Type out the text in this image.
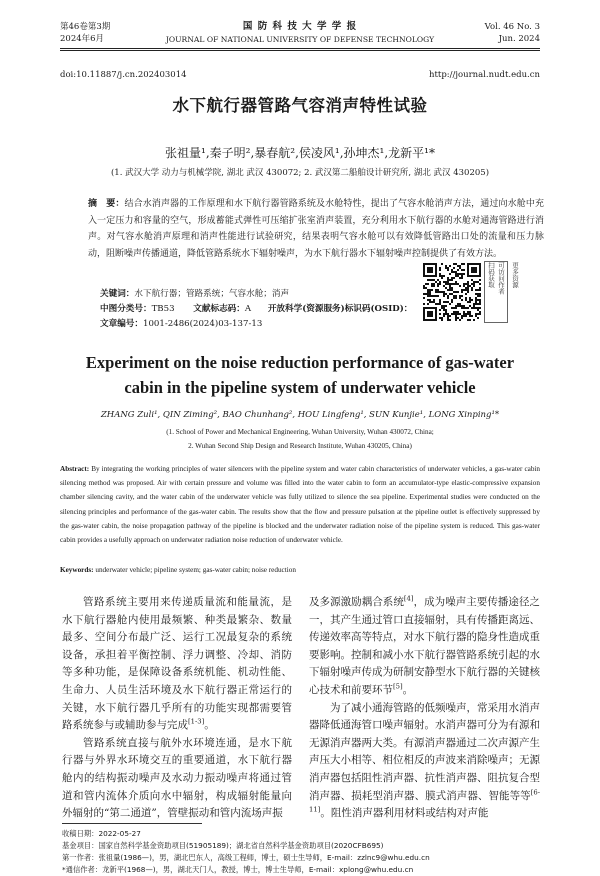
第46卷第3期
2024年6月
国 防 科 技 大 学 学 报
JOURNAL OF NATIONAL UNIVERSITY OF DEFENSE TECHNOLOGY
Vol. 46 No. 3
Jun. 2024
doi:10.11887/j.cn.202403014	http://journal.nudt.edu.cn
水下航行器管路气容消声特性试验
张祖量¹,秦子明²,暴春航²,侯凌风¹,孙坤杰¹,龙新平¹*
(1. 武汉大学 动力与机械学院, 湖北 武汉 430072; 2. 武汉第二船舶设计研究所, 湖北 武汉 430205)
摘　要：结合水消声器的工作原理和水下航行器管路系统及水舱特性，提出了气容水舱消声方法，通过向水舱中充入一定压力和容量的空气，形成蓄能式弹性可压缩扩张室消声装置，充分利用水下航行器的水舱对通海管路进行消声。对气容水舱消声原理和消声性能进行试验研究，结果表明气容水舱可以有效降低管路出口处的流量和压力脉动，阻断噪声传播通道，降低管路系统水下辐射噪声，为水下航行器水下辐射噪声控制提供了有效方法。
关键词：水下航行器；管路系统；气容水舱；消声
中图分类号：TB53 文献标志码：A 开放科学(资源服务)标识码(OSID)：
文章编号：1001-2486(2024)03-137-13
可访问作者
扫码获取 更多资源
Experiment on the noise reduction performance of gas-water
cabin in the pipeline system of underwater vehicle
ZHANG Zuli¹, QIN Ziming², BAO Chunhang², HOU Lingfeng¹, SUN Kunjie¹, LONG Xinping¹*
(1. School of Power and Mechanical Engineering, Wuhan University, Wuhan 430072, China;
2. Wuhan Second Ship Design and Research Institute, Wuhan 430205, China)
Abstract: By integrating the working principles of water silencers with the pipeline system and water cabin characteristics of underwater vehicles, a gas-water cabin silencing method was proposed. Air with certain pressure and volume was filled into the water cabin to form an accumulator-type elastic-compressive expansion chamber silencing cavity, and the water cabin of the underwater vehicle was fully utilized to silence the sea pipeline. Experimental studies were conducted on the silencing principles and performance of the gas-water cabin. The results show that the flow and pressure pulsation at the pipeline outlet is effectively suppressed by the gas-water cabin, the noise propagation pathway of the pipeline is blocked and the underwater radiation noise of the pipeline system is reduced. This gas-water cabin provides a usefully approach on underwater radiation noise reduction of underwater vehicle.
Keywords: underwater vehicle; pipeline system; gas-water cabin; noise reduction

管路系统主要用来传递质量流和能量流，是水下航行器舱内使用最频繁、种类最繁杂、数量最多、空间分布最广泛、运行工况最复杂的系统设备，承担着平衡控制、浮力调整、冷却、消防等多种功能，是保障设备系统机能、机动性能、生命力、人员生活环境及水下航行器正常运行的关键，水下航行器几乎所有的功能实现都需要管路系统参与或辅助参与完成[1-3]。

管路系统直接与航外水环境连通，是水下航行器与外界水环境交互的重要通道，水下航行器舱内的结构振动噪声及水动力振动噪声将通过管道和管内流体介质向水中辐射，构成辐射能量向外辐射的“第二通道”，管壁振动和管内流场声振

及多源激励耦合系统[4]，成为噪声主要传播途径之一，其产生通过管口直接辐射，具有传播距离远、传递效率高等特点，对水下航行器的隐身性造成重要影响。控制和减小水下航行器管路系统引起的水下辐射噪声传成为研制安静型水下航行器的关键核心技术和前要环节[5]。

为了减小通海管路的低频噪声，常采用水消声器降低通海管口噪声辐射。水消声器可分为有源和无源消声器两大类。有源消声器通过二次声源产生声压大小相等、相位相反的声波来消除噪声；无源消声器包括阻性消声器、抗性消声器、阻抗复合型消声器、损耗型消声器、膜式消声器、智能等等[6-11]。阻性消声器利用材料或结构对声能

收稿日期：2022-05-27
基金项目：国家自然科学基金资助项目(51905189)；湖北省自然科学基金资助项目(2020CFB695)
第一作者：张祖量(1986—)，男，湖北巴东人，高级工程师，博士，硕士生导师，E-mail：zzlnc9@whu.edu.cn
*通信作者：龙新平(1968—)，男，湖北天门人，教授，博士，博士生导师，E-mail：xplong@whu.edu.cn
